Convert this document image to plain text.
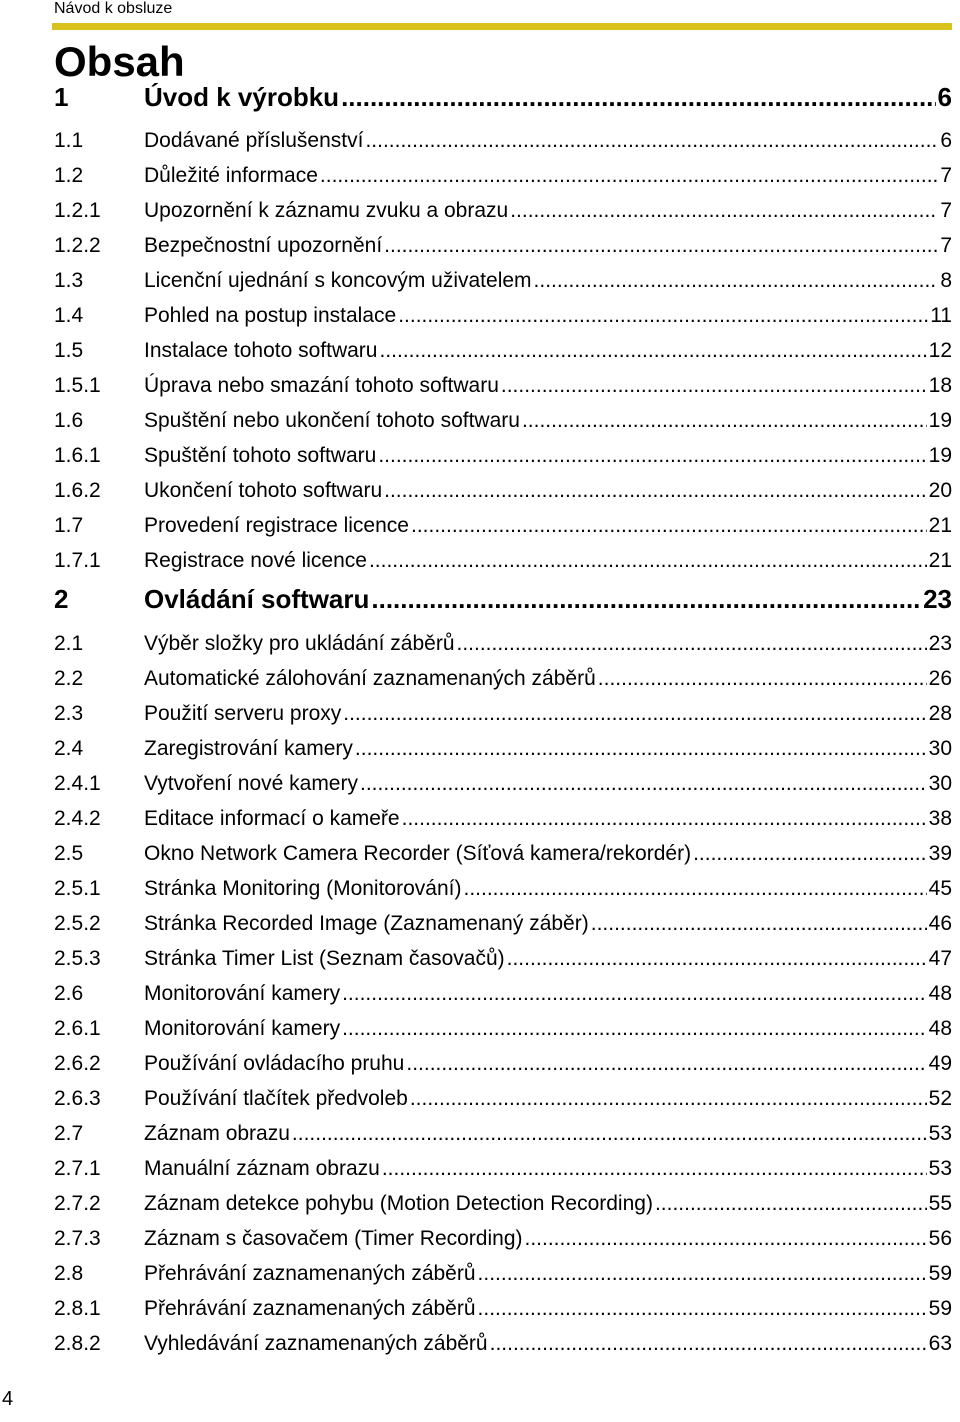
Návod k obsluze
Obsah
1	Úvod k výrobku .....	6
1.1	Dodávané příslušenství .....	6
1.2	Důležité informace .....	7
1.2.1	Upozornění k záznamu zvuku a obrazu .....	7
1.2.2	Bezpečnostní upozornění .....	7
1.3	Licenční ujednání s koncovým uživatelem .....	8
1.4	Pohled na postup instalace .....	11
1.5	Instalace tohoto softwaru .....	12
1.5.1	Úprava nebo smazání tohoto softwaru .....	18
1.6	Spuštění nebo ukončení tohoto softwaru .....	19
1.6.1	Spuštění tohoto softwaru .....	19
1.6.2	Ukončení tohoto softwaru .....	20
1.7	Provedení registrace licence .....	21
1.7.1	Registrace nové licence .....	21
2	Ovládání softwaru .....	23
2.1	Výběr složky pro ukládání záběrů .....	23
2.2	Automatické zálohování zaznamenaných záběrů .....	26
2.3	Použití serveru proxy .....	28
2.4	Zaregistrování kamery .....	30
2.4.1	Vytvoření nové kamery .....	30
2.4.2	Editace informací o kameře .....	38
2.5	Okno Network Camera Recorder (Síťová kamera/rekordér) .....	39
2.5.1	Stránka Monitoring (Monitorování) .....	45
2.5.2	Stránka Recorded Image (Zaznamenaný záběr) .....	46
2.5.3	Stránka Timer List (Seznam časovačů) .....	47
2.6	Monitorování kamery .....	48
2.6.1	Monitorování kamery .....	48
2.6.2	Používání ovládacího pruhu .....	49
2.6.3	Používání tlačítek předvoleb .....	52
2.7	Záznam obrazu .....	53
2.7.1	Manuální záznam obrazu .....	53
2.7.2	Záznam detekce pohybu (Motion Detection Recording) .....	55
2.7.3	Záznam s časovačem (Timer Recording) .....	56
2.8	Přehrávání zaznamenaných záběrů .....	59
2.8.1	Přehrávání zaznamenaných záběrů .....	59
2.8.2	Vyhledávání zaznamenaných záběrů .....	63
4
